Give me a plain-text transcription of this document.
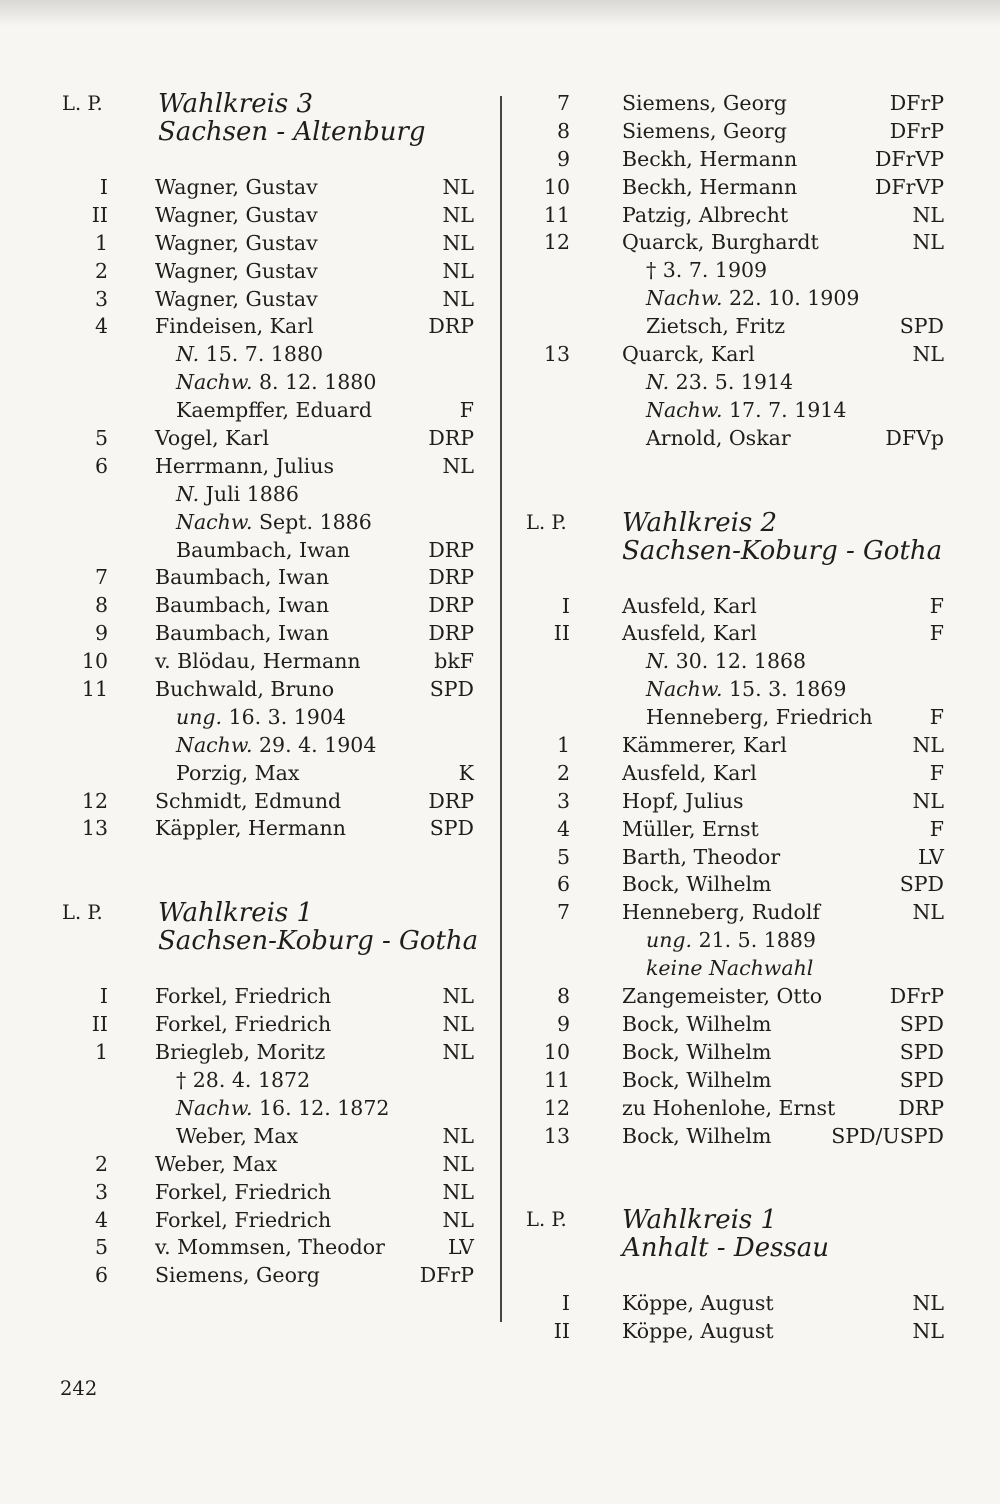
L. P. Wahlkreis 3
Sachsen - Altenburg
I Wagner, Gustav	NL
II Wagner, Gustav	NL
1 Wagner, Gustav	NL
2 Wagner, Gustav	NL
3 Wagner, Gustav	NL
4 Findeisen, Karl	DRP
N. 15. 7. 1880
Nachw. 8. 12. 1880
Kaempffer, Eduard	F
5 Vogel, Karl	DRP
6 Herrmann, Julius	NL
N. Juli 1886
Nachw. Sept. 1886
Baumbach, Iwan	DRP
7 Baumbach, Iwan	DRP
8 Baumbach, Iwan	DRP
9 Baumbach, Iwan	DRP
10 v. Blödau, Hermann	bkF
11 Buchwald, Bruno	SPD
ung. 16. 3. 1904
Nachw. 29. 4. 1904
Porzig, Max	K
12 Schmidt, Edmund	DRP
13 Käppler, Hermann	SPD
L. P. Wahlkreis 1
Sachsen-Koburg - Gotha
I Forkel, Friedrich	NL
II Forkel, Friedrich	NL
1 Briegleb, Moritz	NL
† 28. 4. 1872
Nachw. 16. 12. 1872
Weber, Max	NL
2 Weber, Max	NL
3 Forkel, Friedrich	NL
4 Forkel, Friedrich	NL
5 v. Mommsen, Theodor	LV
6 Siemens, Georg	DFrP
7	Siemens, Georg	DFrP
8	Siemens, Georg	DFrP
9	Beckh, Hermann	DFrVP
10	Beckh, Hermann	DFrVP
11	Patzig, Albrecht	NL
12	Quarck, Burghardt	NL
† 3. 7. 1909
Nachw. 22. 10. 1909
Zietsch, Fritz	SPD
13	Quarck, Karl	NL
N. 23. 5. 1914
Nachw. 17. 7. 1914
Arnold, Oskar	DFVp
L. P. Wahlkreis 2
Sachsen-Koburg - Gotha
I	Ausfeld, Karl	F
II	Ausfeld, Karl	F
N. 30. 12. 1868
Nachw. 15. 3. 1869
Henneberg, Friedrich	F
1	Kämmerer, Karl	NL
2	Ausfeld, Karl	F
3	Hopf, Julius	NL
4	Müller, Ernst	F
5	Barth, Theodor	LV
6	Bock, Wilhelm	SPD
7	Henneberg, Rudolf	NL
ung. 21. 5. 1889
keine Nachwahl
8	Zangemeister, Otto	DFrP
9	Bock, Wilhelm	SPD
10	Bock, Wilhelm	SPD
11	Bock, Wilhelm	SPD
12	zu Hohenlohe, Ernst	DRP
13	Bock, Wilhelm	SPD/USPD
L. P. Wahlkreis 1
Anhalt - Dessau
I	Köppe, August	NL
II	Köppe, August	NL
242
